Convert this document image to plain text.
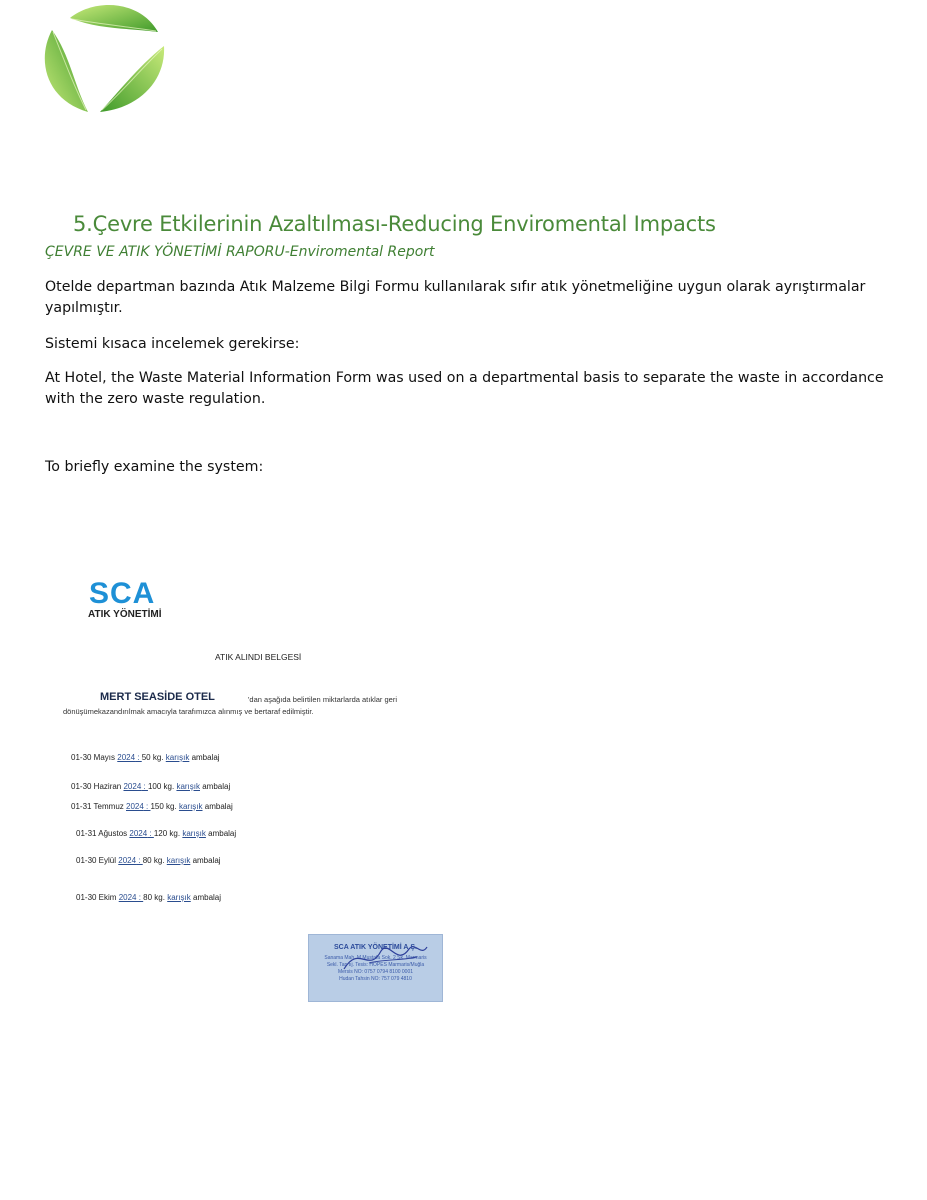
5.Çevre Etkilerinin Azaltılması-Reducing Enviromental Impacts
ÇEVRE VE ATIK YÖNETİMİ RAPORU-Enviromental Report

Otelde departman bazında Atık Malzeme Bilgi Formu kullanılarak sıfır atık yönetmeliğine uygun olarak ayrıştırmalar yapılmıştır.

Sistemi kısaca incelemek gerekirse:

At Hotel, the Waste Material Information Form was used on a departmental basis to separate the waste in accordance with the zero waste regulation.

To briefly examine the system:

SCA
ATIK YÖNETİMİ
ATIK ALINDI BELGESİ
MERT SEASİDE OTEL	'dan aşağıda belirtilen miktarlarda atıklar geri
dönüşümekazandırılmak amacıyla tarafımızca alınmış ve bertaraf edilmiştir.
01-30 Mayıs 2024 : 50 kg. karışık ambalaj
01-30 Haziran 2024 : 100 kg. karışık ambalaj
01-31 Temmuz 2024 : 150 kg. karışık ambalaj
01-31 Ağustos 2024 : 120 kg. karışık ambalaj
01-30 Eylül 2024 : 80 kg. karışık ambalaj
01-30 Ekim 2024 : 80 kg. karışık ambalaj
SCA ATIK YÖNETİMİ A.Ş.
Sanama Mah. M.Mustafa Sok. 2 Sk. Marmaris
Sekl. Tan tıj. Tesis: HOPES Marmaris/Muğla
Mersis NO: 0757 0794 8100 0001
Hudan Tahsin NO: 757 079 4810
